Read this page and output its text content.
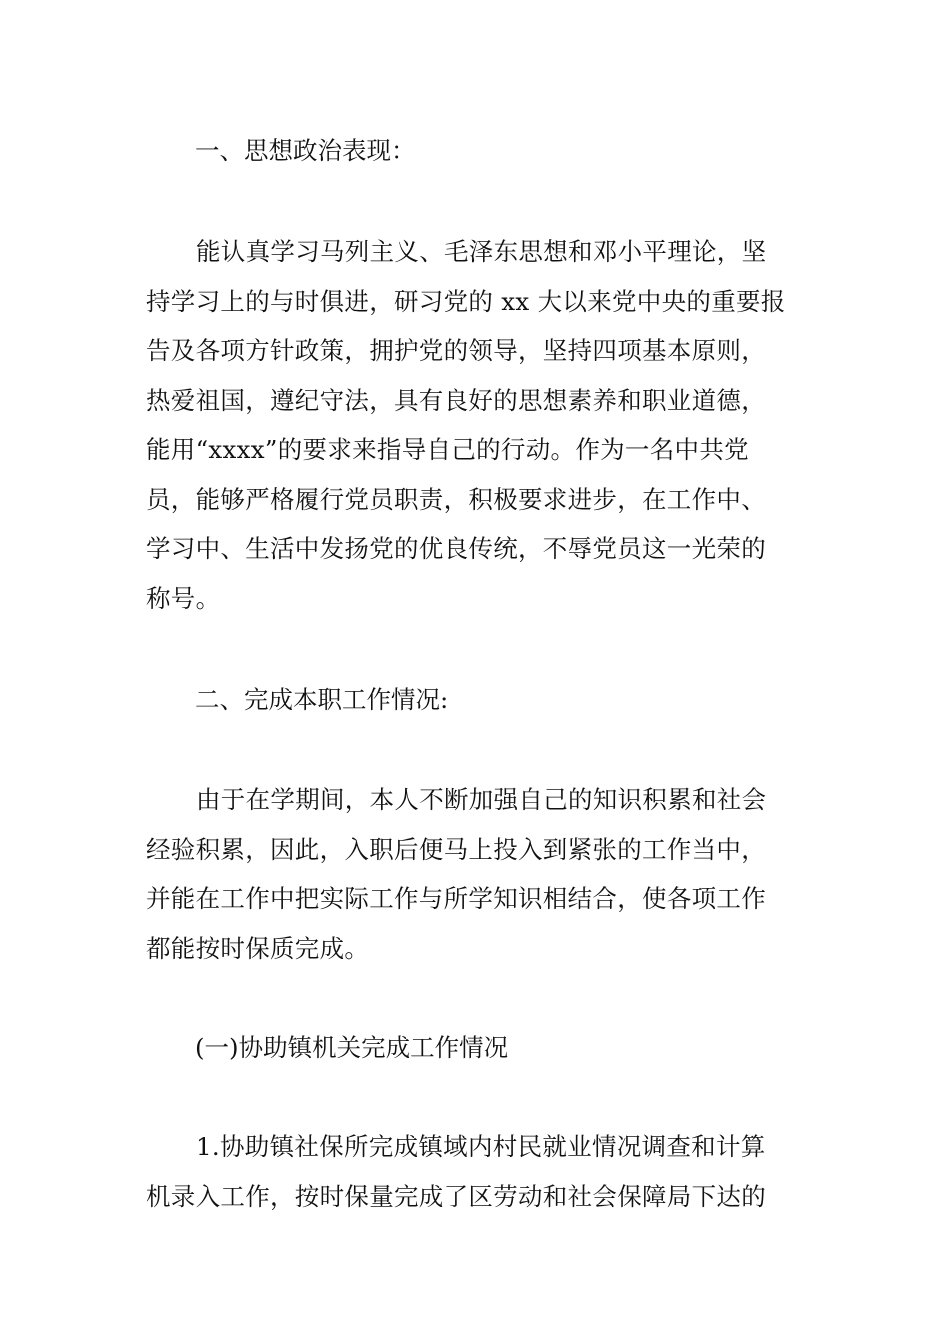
一、思想政治表现：

能认真学习马列主义、毛泽东思想和邓小平理论，坚

持学习上的与时俱进，研习党的 xx 大以来党中央的重要报

告及各项方针政策，拥护党的领导，坚持四项基本原则，

热爱祖国，遵纪守法，具有良好的思想素养和职业道德，

能用“xxxx”的要求来指导自己的行动。作为一名中共党

员，能够严格履行党员职责，积极要求进步，在工作中、

学习中、生活中发扬党的优良传统，不辱党员这一光荣的

称号。

二、完成本职工作情况:

由于在学期间，本人不断加强自己的知识积累和社会

经验积累，因此，入职后便马上投入到紧张的工作当中，

并能在工作中把实际工作与所学知识相结合，使各项工作

都能按时保质完成。

(一)协助镇机关完成工作情况

1.协助镇社保所完成镇域内村民就业情况调查和计算

机录入工作，按时保量完成了区劳动和社会保障局下达的
